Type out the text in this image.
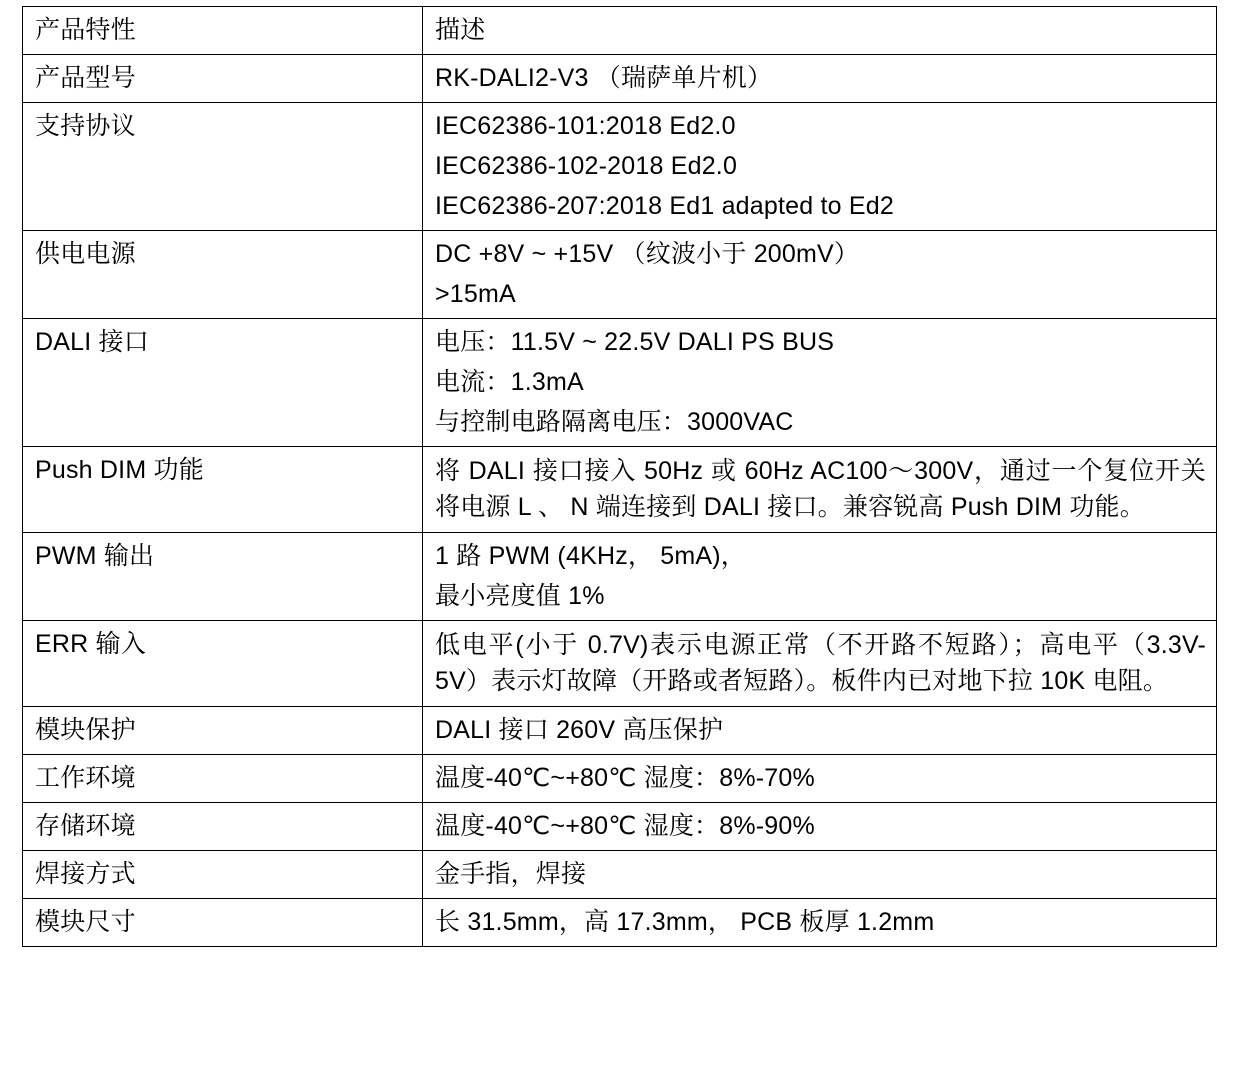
产品特性	描述

产品型号	RK-DALI2-V3 （瑞萨单片机）

支持协议	IEC62386-101:2018 Ed2.0
IEC62386-102-2018 Ed2.0
IEC62386-207:2018 Ed1 adapted to Ed2

供电电源	DC +8V ~ +15V （纹波小于 200mV）
>15mA

DALI 接口	电压：11.5V ~ 22.5V DALI PS BUS
电流：1.3mA
与控制电路隔离电压：3000VAC

Push DIM 功能	将 DALI 接口接入 50Hz 或 60Hz AC100～300V，通过一个复位开关将电源 L 、 N 端连接到 DALI 接口。兼容锐高 Push DIM 功能。

PWM 输出	1 路 PWM (4KHz， 5mA)，
最小亮度值 1%

ERR 输入	低电平(小于 0.7V)表示电源正常（不开路不短路）；高电平（3.3V-5V）表示灯故障（开路或者短路）。板件内已对地下拉 10K 电阻。

模块保护	DALI 接口 260V 高压保护

工作环境	温度-40℃~+80℃ 湿度：8%-70%

存储环境	温度-40℃~+80℃ 湿度：8%-90%

焊接方式	金手指，焊接

模块尺寸	长 31.5mm，高 17.3mm， PCB 板厚 1.2mm
